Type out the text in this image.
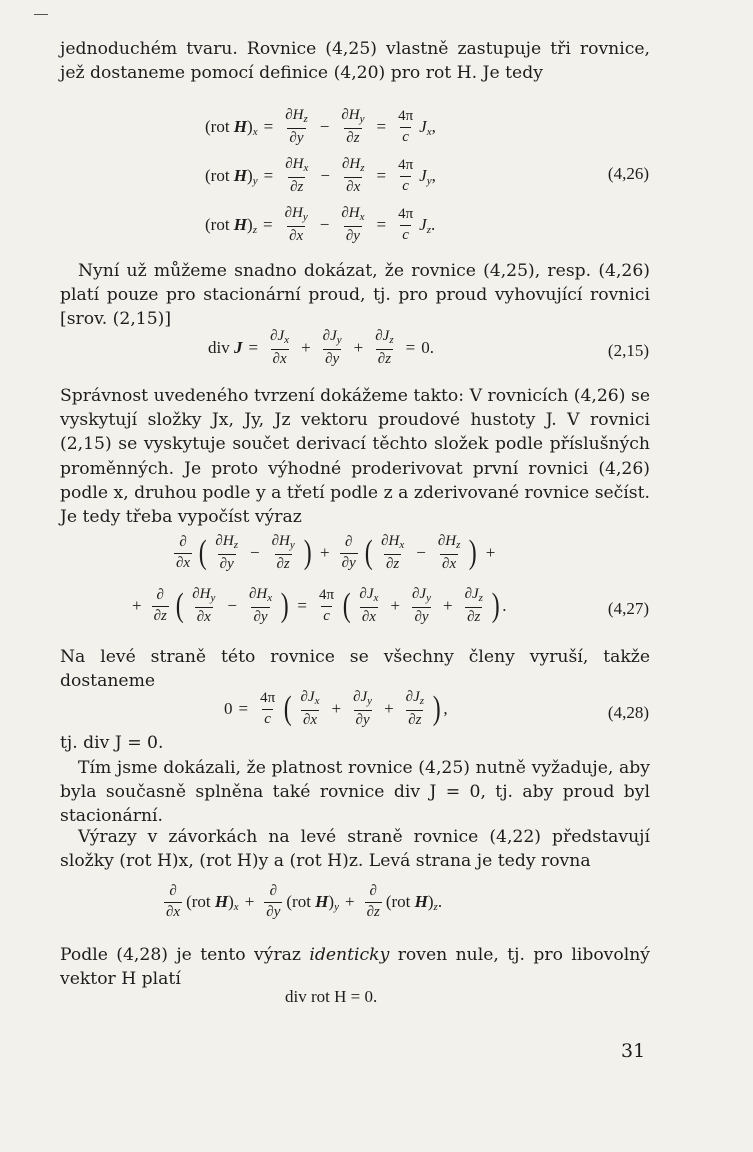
jednoduchém tvaru. Rovnice (4,25) vlastně zastupuje tři rovnice, jež dostaneme pomocí definice (4,20) pro rot H. Je tedy

(rot $H)_x = \frac{\partial H_z}{\partial y} - \frac{\partial H_y}{\partial z} = \frac{4\pi}{c} J_x$,
(rot $H)_y = \frac{\partial H_x}{\partial z} - \frac{\partial H_z}{\partial x} = \frac{4\pi}{c} J_y$,	(4,26)
(rot $H)_z = \frac{\partial H_y}{\partial x} - \frac{\partial H_x}{\partial y} = \frac{4\pi}{c} J_z$.

Nyní už můžeme snadno dokázat, že rovnice (4,25), resp. (4,26) platí pouze pro stacionární proud, tj. pro proud vyhovující rovnici [srov. (2,15)]

div $J = \frac{\partial J_x}{\partial x} + \frac{\partial J_y}{\partial y} + \frac{\partial J_z}{\partial z} = 0$.	(2,15)

Správnost uvedeného tvrzení dokážeme takto: V rovnicích (4,26) se vyskytují složky Jx, Jy, Jz vektoru proudové hustoty J. V rovnici (2,15) se vyskytuje součet derivací těchto složek podle příslušných proměnných. Je proto výhodné proderivovat první rovnici (4,26) podle x, druhou podle y a třetí podle z a zderivované rovnice sečíst. Je tedy třeba vypočíst výraz

$\frac{\partial}{\partial x}$ ( $\frac{\partial H_z}{\partial y} - \frac{\partial H_y}{\partial z}$ ) + $\frac{\partial}{\partial y}$ ( $\frac{\partial H_x}{\partial z} - \frac{\partial H_z}{\partial x}$ ) +
+ $\frac{\partial}{\partial z}$ ( $\frac{\partial H_y}{\partial x} - \frac{\partial H_x}{\partial y}$ ) = $\frac{4\pi}{c}$ ( $\frac{\partial J_x}{\partial x} + \frac{\partial J_y}{\partial y} + \frac{\partial J_z}{\partial z}$ ) .	(4,27)

Na levé straně této rovnice se všechny členy vyruší, takže dostaneme

$0 = \frac{4\pi}{c}$ ( $\frac{\partial J_x}{\partial x} + \frac{\partial J_y}{\partial y} + \frac{\partial J_z}{\partial z}$ ) ,	(4,28)

tj. div J = 0.

Tím jsme dokázali, že platnost rovnice (4,25) nutně vyžaduje, aby byla současně splněna také rovnice div J = 0, tj. aby proud byl stacionární.

Výrazy v závorkách na levé straně rovnice (4,22) představují složky (rot H)x, (rot H)y a (rot H)z. Levá strana je tedy rovna

$\frac{\partial}{\partial x} (rot$ $H)_x + \frac{\partial}{\partial y} (rot$ $H)_y + \frac{\partial}{\partial z} (rot$ $H)_z$.

Podle (4,28) je tento výraz identicky roven nule, tj. pro libovolný vektor H platí

div rot H = 0.
31
